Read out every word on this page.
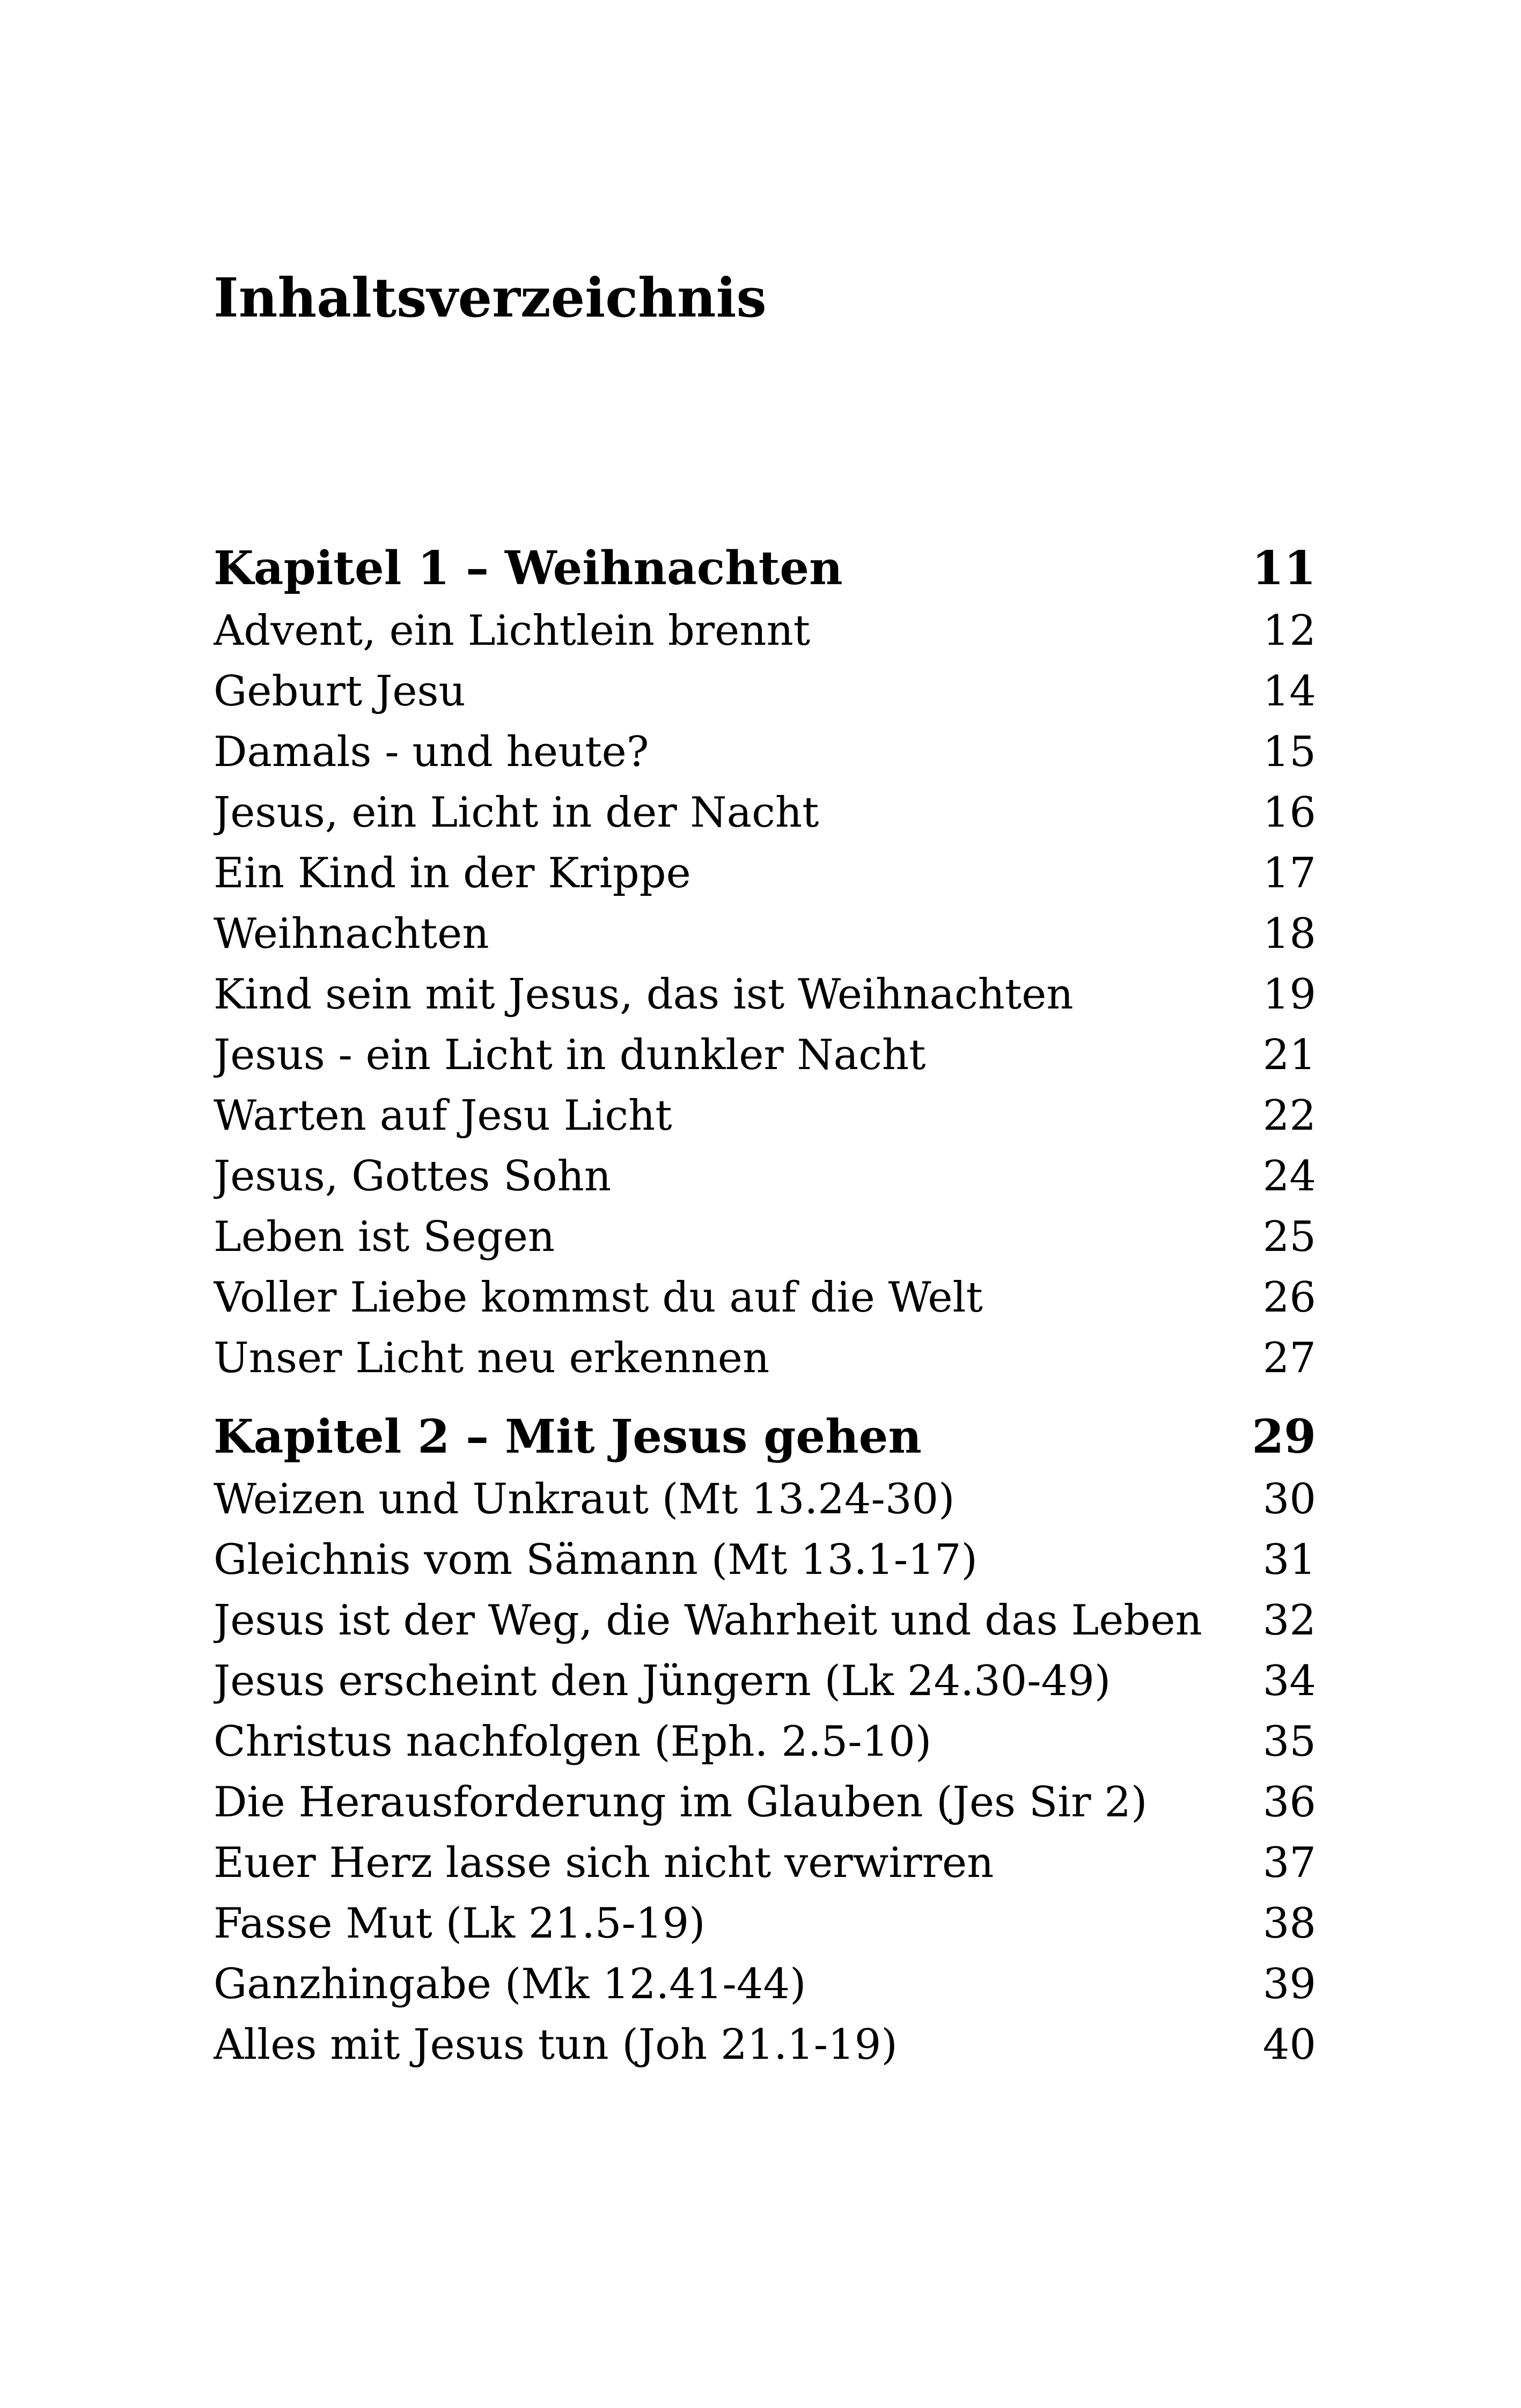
Inhaltsverzeichnis
Kapitel 1 – Weihnachten	11
Advent, ein Lichtlein brennt	12
Geburt Jesu	14
Damals - und heute?	15
Jesus, ein Licht in der Nacht	16
Ein Kind in der Krippe	17
Weihnachten	18
Kind sein mit Jesus, das ist Weihnachten	19
Jesus - ein Licht in dunkler Nacht	21
Warten auf Jesu Licht	22
Jesus, Gottes Sohn	24
Leben ist Segen	25
Voller Liebe kommst du auf die Welt	26
Unser Licht neu erkennen	27
Kapitel 2 – Mit Jesus gehen	29
Weizen und Unkraut (Mt 13.24-30)	30
Gleichnis vom Sämann (Mt 13.1-17)	31
Jesus ist der Weg, die Wahrheit und das Leben 32
Jesus erscheint den Jüngern (Lk 24.30-49)	34
Christus nachfolgen (Eph. 2.5-10)	35
Die Herausforderung im Glauben (Jes Sir 2)	36
Euer Herz lasse sich nicht verwirren	37
Fasse Mut (Lk 21.5-19)	38
Ganzhingabe (Mk 12.41-44)	39
Alles mit Jesus tun (Joh 21.1-19)	40
